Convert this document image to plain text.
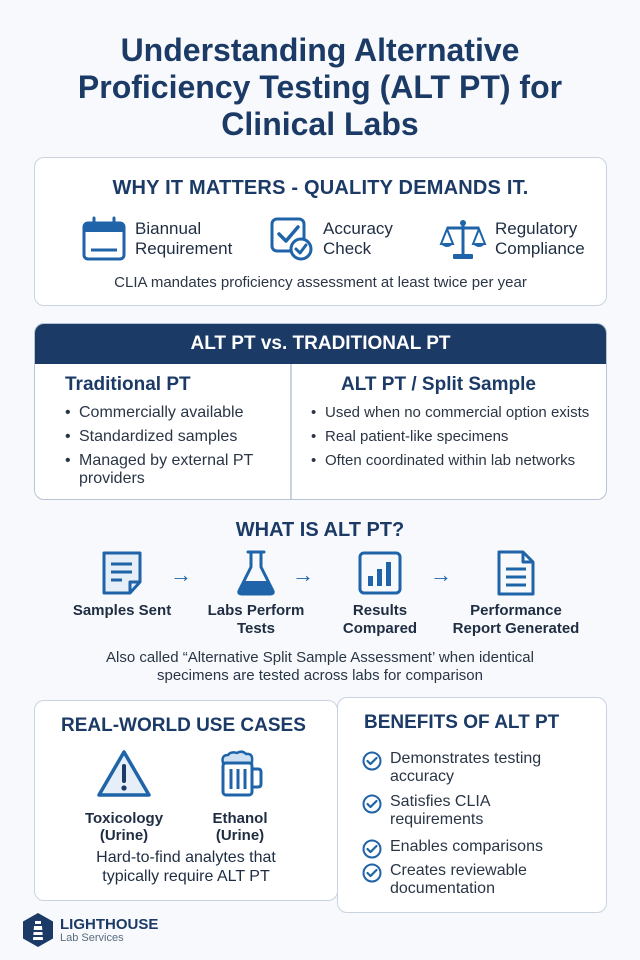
Understanding Alternative
Proficiency Testing (ALT PT) for
Clinical Labs
WHY IT MATTERS - QUALITY DEMANDS IT.
Biannual
Requirement
Accuracy
Check
Regulatory
Compliance
CLIA mandates proficiency assessment at least twice per year
ALT PT vs. TRADITIONAL PT
Traditional PT
• Commercially available
• Standardized samples
• Managed by external PT providers
ALT PT / Split Sample
• Used when no commercial option exists
• Real patient-like specimens
• Often coordinated within lab networks
WHAT IS ALT PT?
Samples Sent
→
Labs Perform
Tests
→
Results
Compared
→
Performance
Report Generated
Also called “Alternative Split Sample Assessment’ when identical
specimens are tested across labs for comparison
REAL-WORLD USE CASES
Toxicology
(Urine)
Ethanol
(Urine)
Hard-to-find analytes that
typically require ALT PT
BENEFITS OF ALT PT
Demonstrates testing accuracy
Satisfies CLIA requirements
Enables comparisons
Creates reviewable documentation
LIGHTHOUSE
Lab Services
